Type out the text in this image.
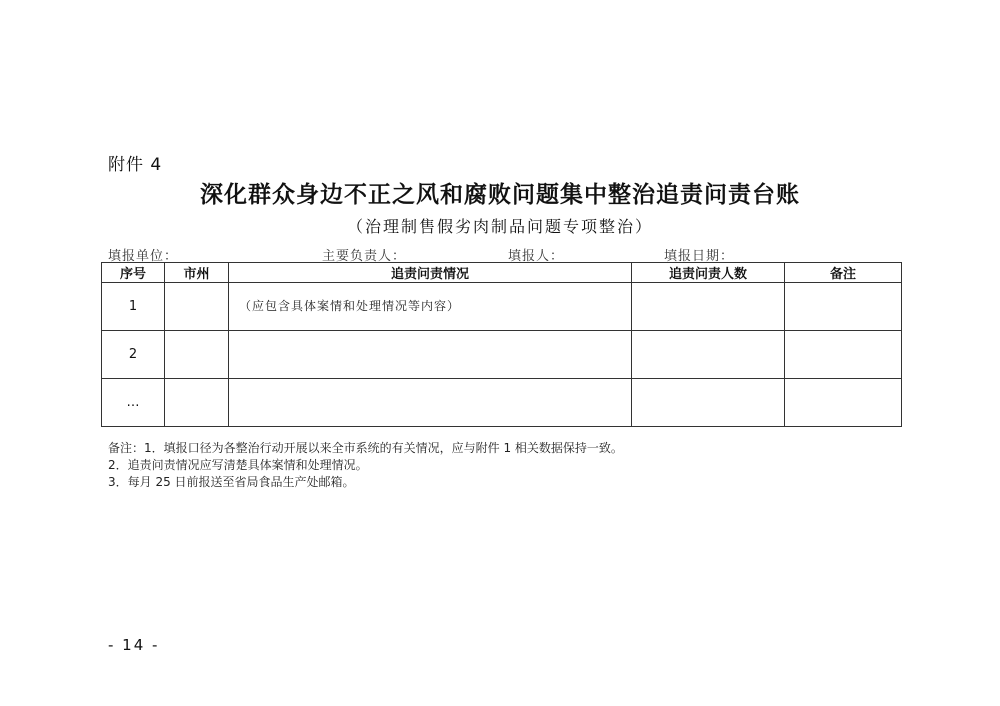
附件 4
深化群众身边不正之风和腐败问题集中整治追责问责台账
（治理制售假劣肉制品问题专项整治）
填报单位：	主要负责人：	填报人：	填报日期：
序号	市州	追责问责情况	追责问责人数	备注
1		（应包含具体案情和处理情况等内容）		

2		

…		

备注：1．填报口径为各整治行动开展以来全市系统的有关情况，应与附件 1 相关数据保持一致。
2．追责问责情况应写清楚具体案情和处理情况。
3．每月 25 日前报送至省局食品生产处邮箱。
- 14 -
